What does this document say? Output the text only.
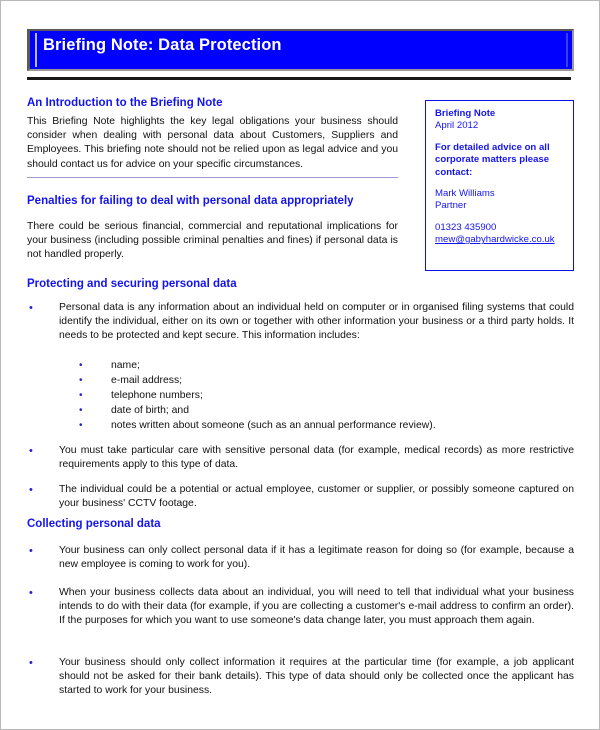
Briefing Note: Data Protection
An Introduction to the Briefing Note
This Briefing Note highlights the key legal obligations your business should consider when dealing with personal data about Customers, Suppliers and Employees. This briefing note should not be relied upon as legal advice and you should contact us for advice on your specific circumstances.
Briefing Note
April 2012
For detailed advice on all corporate matters please contact:
Mark Williams
Partner
01323 435900
mew@gabyhardwicke.co.uk
Penalties for failing to deal with personal data appropriately
There could be serious financial, commercial and reputational implications for your business (including possible criminal penalties and fines) if personal data is not handled properly.
Protecting and securing personal data
•	Personal data is any information about an individual held on computer or in organised filing systems that could identify the individual, either on its own or together with other information your business or a third party holds. It needs to be protected and kept secure. This information includes:
•	name;
•	e-mail address;
•	telephone numbers;
•	date of birth; and
•	notes written about someone (such as an annual performance review).
•	You must take particular care with sensitive personal data (for example, medical records) as more restrictive requirements apply to this type of data.
•	The individual could be a potential or actual employee, customer or supplier, or possibly someone captured on your business' CCTV footage.
Collecting personal data
•	Your business can only collect personal data if it has a legitimate reason for doing so (for example, because a new employee is coming to work for you).
•	When your business collects data about an individual, you will need to tell that individual what your business intends to do with their data (for example, if you are collecting a customer's e-mail address to confirm an order). If the purposes for which you want to use someone's data change later, you must approach them again.
•	Your business should only collect information it requires at the particular time (for example, a job applicant should not be asked for their bank details). This type of data should only be collected once the applicant has started to work for your business.
